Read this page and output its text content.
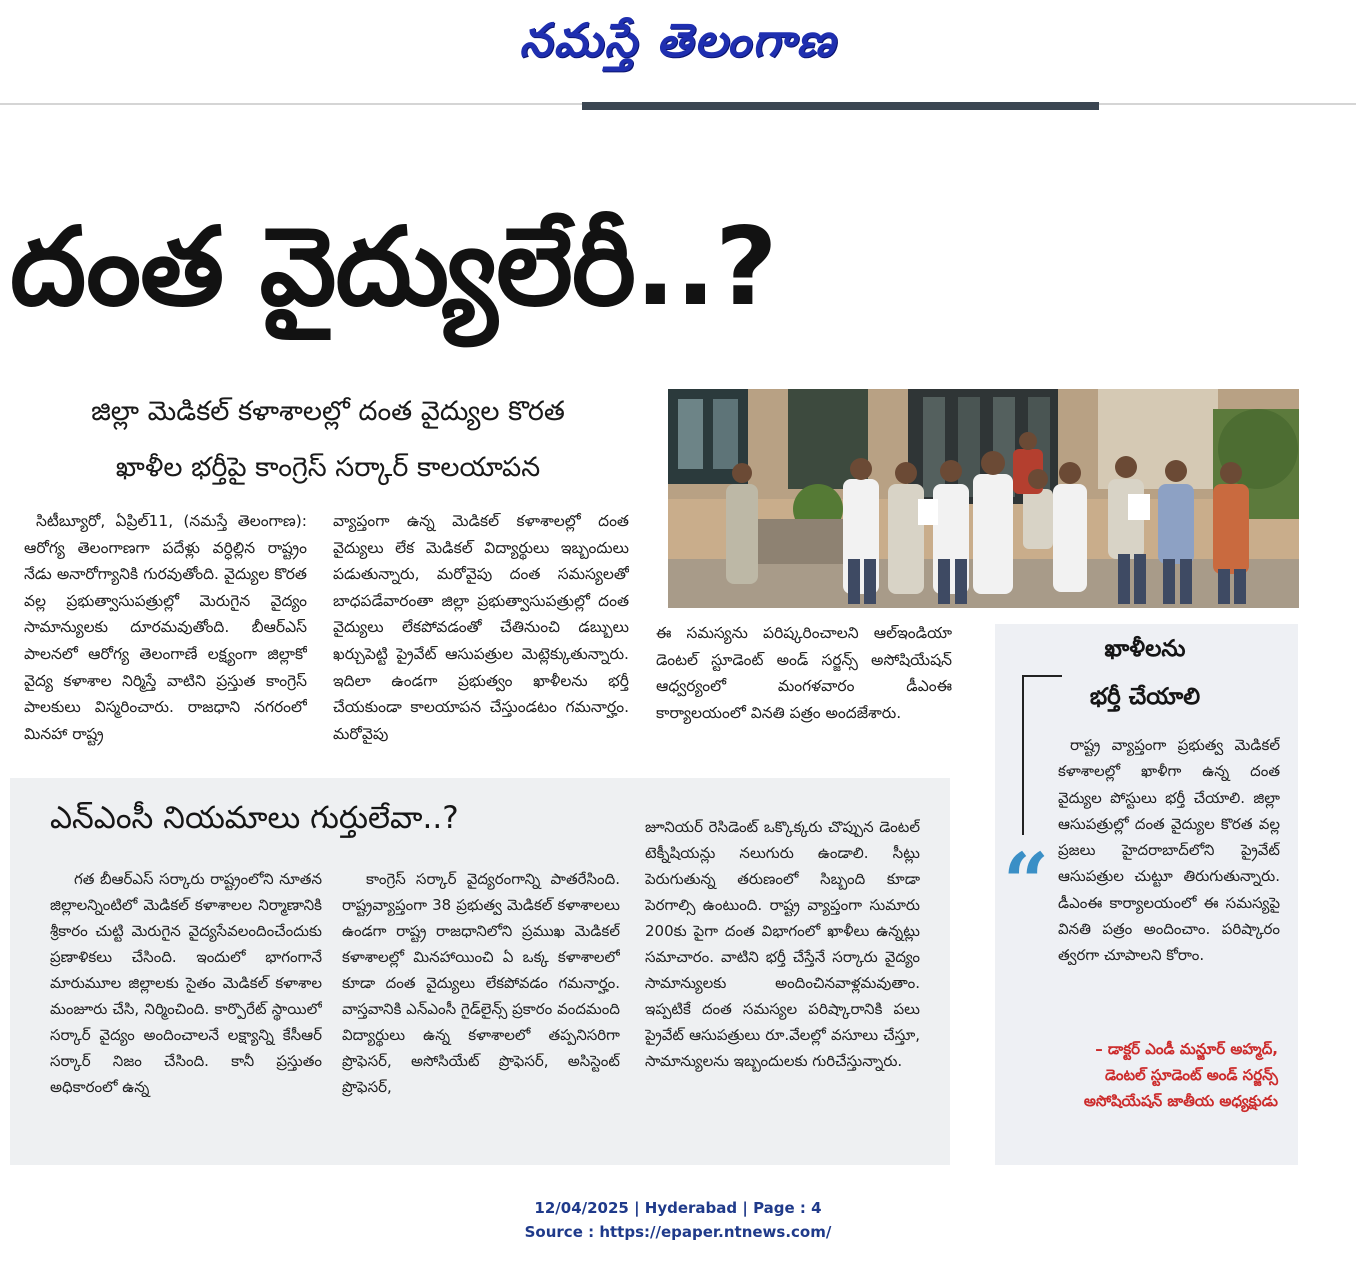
నమస్తే తెలంగాణ
దంత వైద్యులేరీ..?
జిల్లా మెడికల్ కళాశాలల్లో దంత వైద్యుల కొరత
ఖాళీల భర్తీపై కాంగ్రెస్ సర్కార్ కాలయాపన
సిటీబ్యూరో, ఏప్రిల్11, (నమస్తే తెలంగాణ): ఆరోగ్య తెలంగాణగా పదేళ్లు వర్ధిల్లిన రాష్ట్రం నేడు అనారోగ్యానికి గురవుతోంది. వైద్యుల కొరత వల్ల ప్రభుత్వాసుపత్రుల్లో మెరుగైన వైద్యం సామాన్యులకు దూరమవుతోంది. బీఆర్ఎస్ పాలనలో ఆరోగ్య తెలంగాణే లక్ష్యంగా జిల్లాకో వైద్య కళాశాల నిర్మిస్తే వాటిని ప్రస్తుత కాంగ్రెస్ పాలకులు విస్మరించారు. రాజధాని నగరంలో మినహా రాష్ట్ర
వ్యాప్తంగా ఉన్న మెడికల్ కళాశాలల్లో దంత వైద్యులు లేక మెడికల్ విద్యార్థులు ఇబ్బందులు పడుతున్నారు, మరోవైపు దంత సమస్యలతో బాధపడేవారంతా జిల్లా ప్రభుత్వాసుపత్రుల్లో దంత వైద్యులు లేకపోవడంతో చేతినుంచి డబ్బులు ఖర్చుపెట్టి ప్రైవేట్ ఆసుపత్రుల మెట్లెక్కుతున్నారు. ఇదిలా ఉండగా ప్రభుత్వం ఖాళీలను భర్తీ చేయకుండా కాలయాపన చేస్తుండటం గమనార్హం. మరోవైపు
ఈ సమస్యను పరిష్కరించాలని ఆల్ఇండియా డెంటల్ స్టూడెంట్ అండ్ సర్జన్స్ అసోషియేషన్ ఆధ్వర్యంలో మంగళవారం డీఎంఈ కార్యాలయంలో వినతి పత్రం అందజేశారు.
ఎన్ఎంసీ నియమాలు గుర్తులేవా..?
గత బీఆర్ఎస్ సర్కారు రాష్ట్రంలోని నూతన జిల్లాలన్నింటిలో మెడికల్ కళాశాలల నిర్మాణానికి శ్రీకారం చుట్టి మెరుగైన వైద్యసేవలందించేందుకు ప్రణాళికలు చేసింది. ఇందులో భాగంగానే మారుమూల జిల్లాలకు సైతం మెడికల్ కళాశాల మంజూరు చేసి, నిర్మించింది. కార్పొరేట్ స్థాయిలో సర్కార్ వైద్యం అందించాలనే లక్ష్యాన్ని కేసీఆర్ సర్కార్ నిజం చేసింది. కానీ ప్రస్తుతం అధికారంలో ఉన్న
కాంగ్రెస్ సర్కార్ వైద్యరంగాన్ని పాతరేసింది. రాష్ట్రవ్యాప్తంగా 38 ప్రభుత్వ మెడికల్ కళాశాలలు ఉండగా రాష్ట్ర రాజధానిలోని ప్రముఖ మెడికల్ కళాశాలల్లో మినహాయించి ఏ ఒక్క కళాశాలలో కూడా దంత వైద్యులు లేకపోవడం గమనార్హం. వాస్తవానికి ఎన్ఎంసీ గైడ్‌లైన్స్ ప్రకారం వందమంది విద్యార్థులు ఉన్న కళాశాలలో తప్పనిసరిగా ప్రొఫెసర్, అసోసియేట్ ప్రొఫెసర్, అసిస్టెంట్ ప్రొఫెసర్,
జూనియర్ రెసిడెంట్ ఒక్కొక్కరు చొప్పున డెంటల్ టెక్నీషియన్లు నలుగురు ఉండాలి. సీట్లు పెరుగుతున్న తరుణంలో సిబ్బంది కూడా పెరగాల్సి ఉంటుంది. రాష్ట్ర వ్యాప్తంగా సుమారు 200కు పైగా దంత విభాగంలో ఖాళీలు ఉన్నట్లు సమాచారం. వాటిని భర్తీ చేస్తేనే సర్కారు వైద్యం సామాన్యులకు అందించినవాళ్లమవుతాం. ఇప్పటికే దంత సమస్యల పరిష్కారానికి పలు ప్రైవేట్ ఆసుపత్రులు రూ.వేలల్లో వసూలు చేస్తూ, సామాన్యులను ఇబ్బందులకు గురిచేస్తున్నారు.
ఖాళీలను
భర్తీ చేయాలి
“
రాష్ట్ర వ్యాప్తంగా ప్రభుత్వ మెడికల్ కళాశాలల్లో ఖాళీగా ఉన్న దంత వైద్యుల పోస్టులు భర్తీ చేయాలి. జిల్లా ఆసుపత్రుల్లో దంత వైద్యుల కొరత వల్ల ప్రజలు హైదరాబాద్‌లోని ప్రైవేట్ ఆసుపత్రుల చుట్టూ తిరుగుతున్నారు. డీఎంఈ కార్యాలయంలో ఈ సమస్యపై వినతి పత్రం అందించాం. పరిష్కారం త్వరగా చూపాలని కోరాం.
– డాక్టర్ ఎండీ మన్జూర్ అహ్మద్, డెంటల్ స్టూడెంట్ అండ్ సర్జన్స్ అసోషియేషన్ జాతీయ అధ్యక్షుడు
12/04/2025 | Hyderabad | Page : 4
Source : https://epaper.ntnews.com/
